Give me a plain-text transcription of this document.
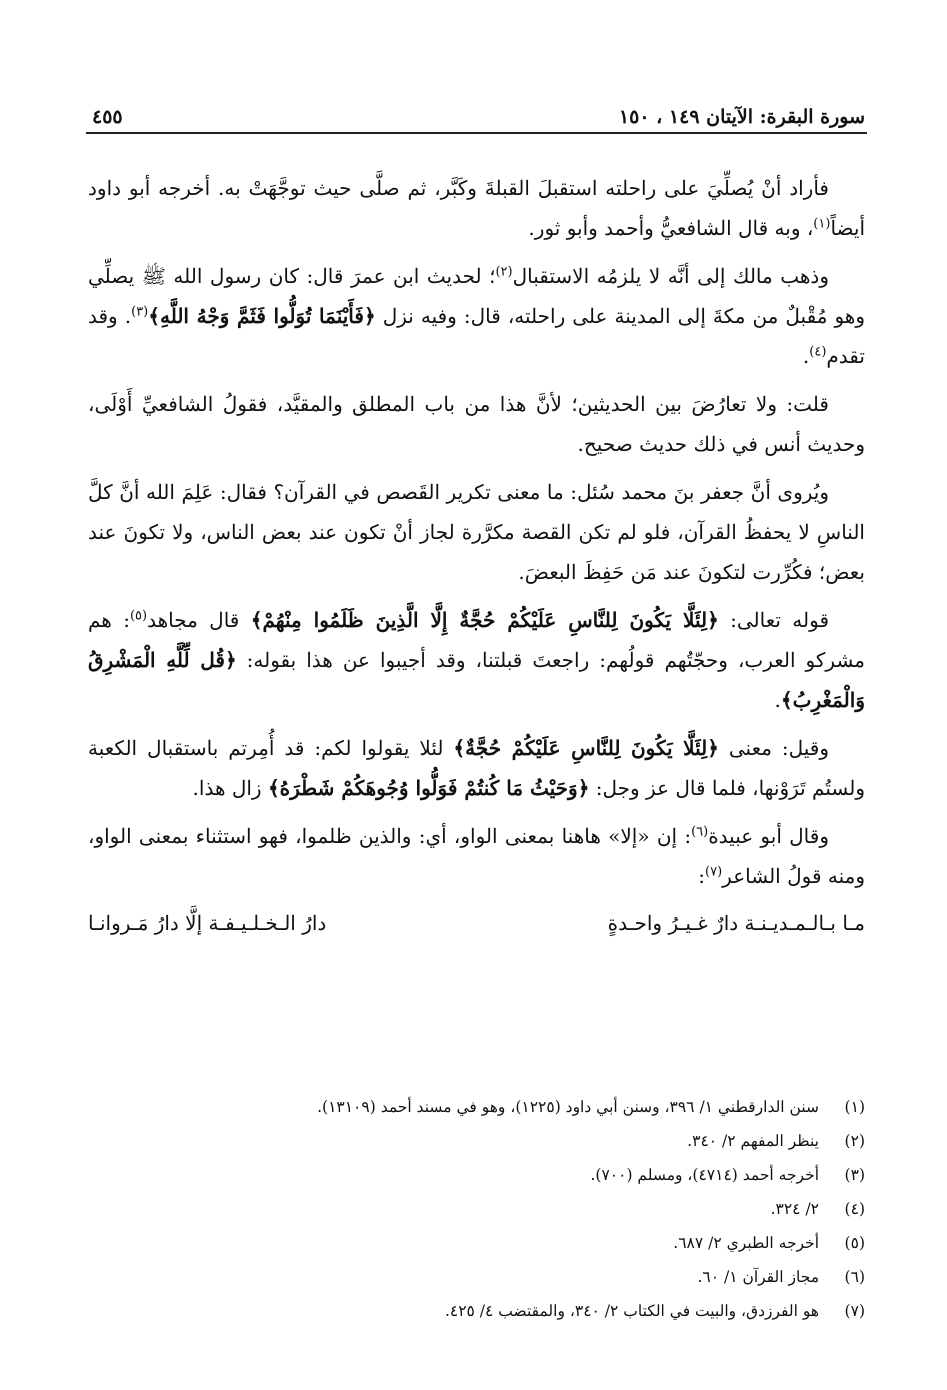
سورة البقرة: الآيتان ١٤٩ ، ١٥٠
٤٥٥

فأراد أنْ يُصلِّيَ على راحلته استقبلَ القبلةَ وكَبَّر، ثم صلَّى حيث توجَّهَتْ به. أخرجه أبو داود أيضاً$^{(١)}$، وبه قال الشافعيُّ وأحمد وأبو ثور.

وذهب مالك إلى أنَّه لا يلزمُه الاستقبال$^{(٢)}$؛ لحديث ابن عمرَ قال: كان رسول الله ﷺ يصلِّي وهو مُقْبلٌ من مكةَ إلى المدينة على راحلته، قال: وفيه نزل ﴿فَأَيْنَمَا تُوَلُّوا فَثَمَّ وَجْهُ اللَّهِ﴾$^{(٣)}$. وقد تقدم$^{(٤)}$.

قلت: ولا تعارُضَ بين الحديثين؛ لأنَّ هذا من باب المطلق والمقيَّد، فقولُ الشافعيِّ أَوْلَى، وحديث أنس في ذلك حديث صحيح.

ويُروى أنَّ جعفر بنَ محمد سُئل: ما معنى تكرير القَصص في القرآن؟ فقال: عَلِمَ الله أنَّ كلَّ الناسِ لا يحفظُ القرآن، فلو لم تكن القصة مكرَّرة لجاز أنْ تكون عند بعض الناس، ولا تكونَ عند بعض؛ فكُرِّرت لتكونَ عند مَن حَفِظَ البعضَ.

قوله تعالى: ﴿لِئَلَّا يَكُونَ لِلنَّاسِ عَلَيْكُمْ حُجَّةٌ إِلَّا الَّذِينَ ظَلَمُوا مِنْهُمْ﴾ قال مجاهد$^{(٥)}$: هم مشركو العرب، وحجّتُهم قولُهم: راجعتَ قبلتنا، وقد أجيبوا عن هذا بقوله: ﴿قُل لِّلَّهِ الْمَشْرِقُ وَالْمَغْرِبُ﴾.

وقيل: معنى ﴿لِئَلَّا يَكُونَ لِلنَّاسِ عَلَيْكُمْ حُجَّةٌ﴾ لئلا يقولوا لكم: قد أُمِرتم باستقبال الكعبة ولستُم تَرَوْنها، فلما قال عز وجل: ﴿وَحَيْثُ مَا كُنتُمْ فَوَلُّوا وُجُوهَكُمْ شَطْرَهُ﴾ زال هذا.

وقال أبو عبيدة$^{(٦)}$: إن «إلا» هاهنا بمعنى الواو، أي: والذين ظلموا، فهو استثناء بمعنى الواو، ومنه قولُ الشاعر$^{(٧)}$:

مـا بـالـمـديـنـة دارٌ غـيـرُ واحـدةٍ
دارُ الـخـلـيـفـة إلَّا دارُ مَـروانـا
(١)
سنن الدارقطني ١/ ٣٩٦، وسنن أبي داود (١٢٢٥)، وهو في مسند أحمد (١٣١٠٩).
(٢)
ينظر المفهم ٢/ ٣٤٠.
(٣)
أخرجه أحمد (٤٧١٤)، ومسلم (٧٠٠).
(٤)
٢/ ٣٢٤.
(٥)
أخرجه الطبري ٢/ ٦٨٧.
(٦)
مجاز القرآن ١/ ٦٠.
(٧)
هو الفرزدق، والبيت في الكتاب ٢/ ٣٤٠، والمقتضب ٤/ ٤٢٥.
